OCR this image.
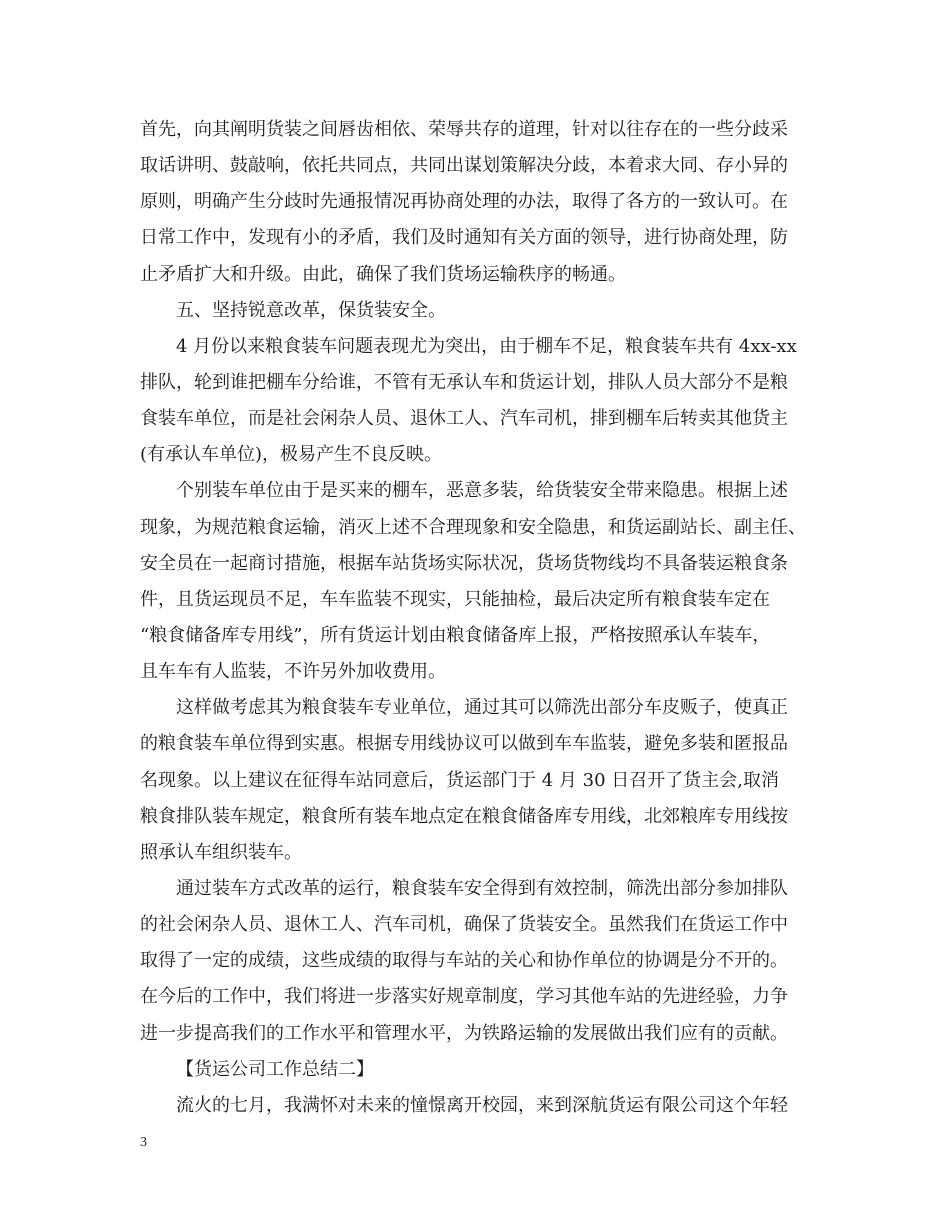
首先，向其阐明货装之间唇齿相依、荣辱共存的道理，针对以往存在的一些分歧采
取话讲明、鼓敲响，依托共同点，共同出谋划策解决分歧，本着求大同、存小异的
原则，明确产生分歧时先通报情况再协商处理的办法，取得了各方的一致认可。在
日常工作中，发现有小的矛盾，我们及时通知有关方面的领导，进行协商处理，防
止矛盾扩大和升级。由此，确保了我们货场运输秩序的畅通。
五、坚持锐意改革，保货装安全。
4 月份以来粮食装车问题表现尤为突出，由于棚车不足，粮食装车共有 4xx-xx
排队，轮到谁把棚车分给谁，不管有无承认车和货运计划，排队人员大部分不是粮
食装车单位，而是社会闲杂人员、退休工人、汽车司机，排到棚车后转卖其他货主
(有承认车单位)，极易产生不良反映。
个别装车单位由于是买来的棚车，恶意多装，给货装安全带来隐患。根据上述
现象，为规范粮食运输，消灭上述不合理现象和安全隐患，和货运副站长、副主任、
安全员在一起商讨措施，根据车站货场实际状况，货场货物线均不具备装运粮食条
件，且货运现员不足，车车监装不现实，只能抽检，最后决定所有粮食装车定在
“粮食储备库专用线”，所有货运计划由粮食储备库上报，严格按照承认车装车，
且车车有人监装，不许另外加收费用。
这样做考虑其为粮食装车专业单位，通过其可以筛洗出部分车皮贩子，使真正
的粮食装车单位得到实惠。根据专用线协议可以做到车车监装，避免多装和匿报品
名现象。以上建议在征得车站同意后，货运部门于 4 月 30 日召开了货主会,取消
粮食排队装车规定，粮食所有装车地点定在粮食储备库专用线，北郊粮库专用线按
照承认车组织装车。
通过装车方式改革的运行，粮食装车安全得到有效控制，筛洗出部分参加排队
的社会闲杂人员、退休工人、汽车司机，确保了货装安全。虽然我们在货运工作中
取得了一定的成绩，这些成绩的取得与车站的关心和协作单位的协调是分不开的。
在今后的工作中，我们将进一步落实好规章制度，学习其他车站的先进经验，力争
进一步提高我们的工作水平和管理水平，为铁路运输的发展做出我们应有的贡献。
【货运公司工作总结二】
流火的七月，我满怀对未来的憧憬离开校园，来到深航货运有限公司这个年轻
3
